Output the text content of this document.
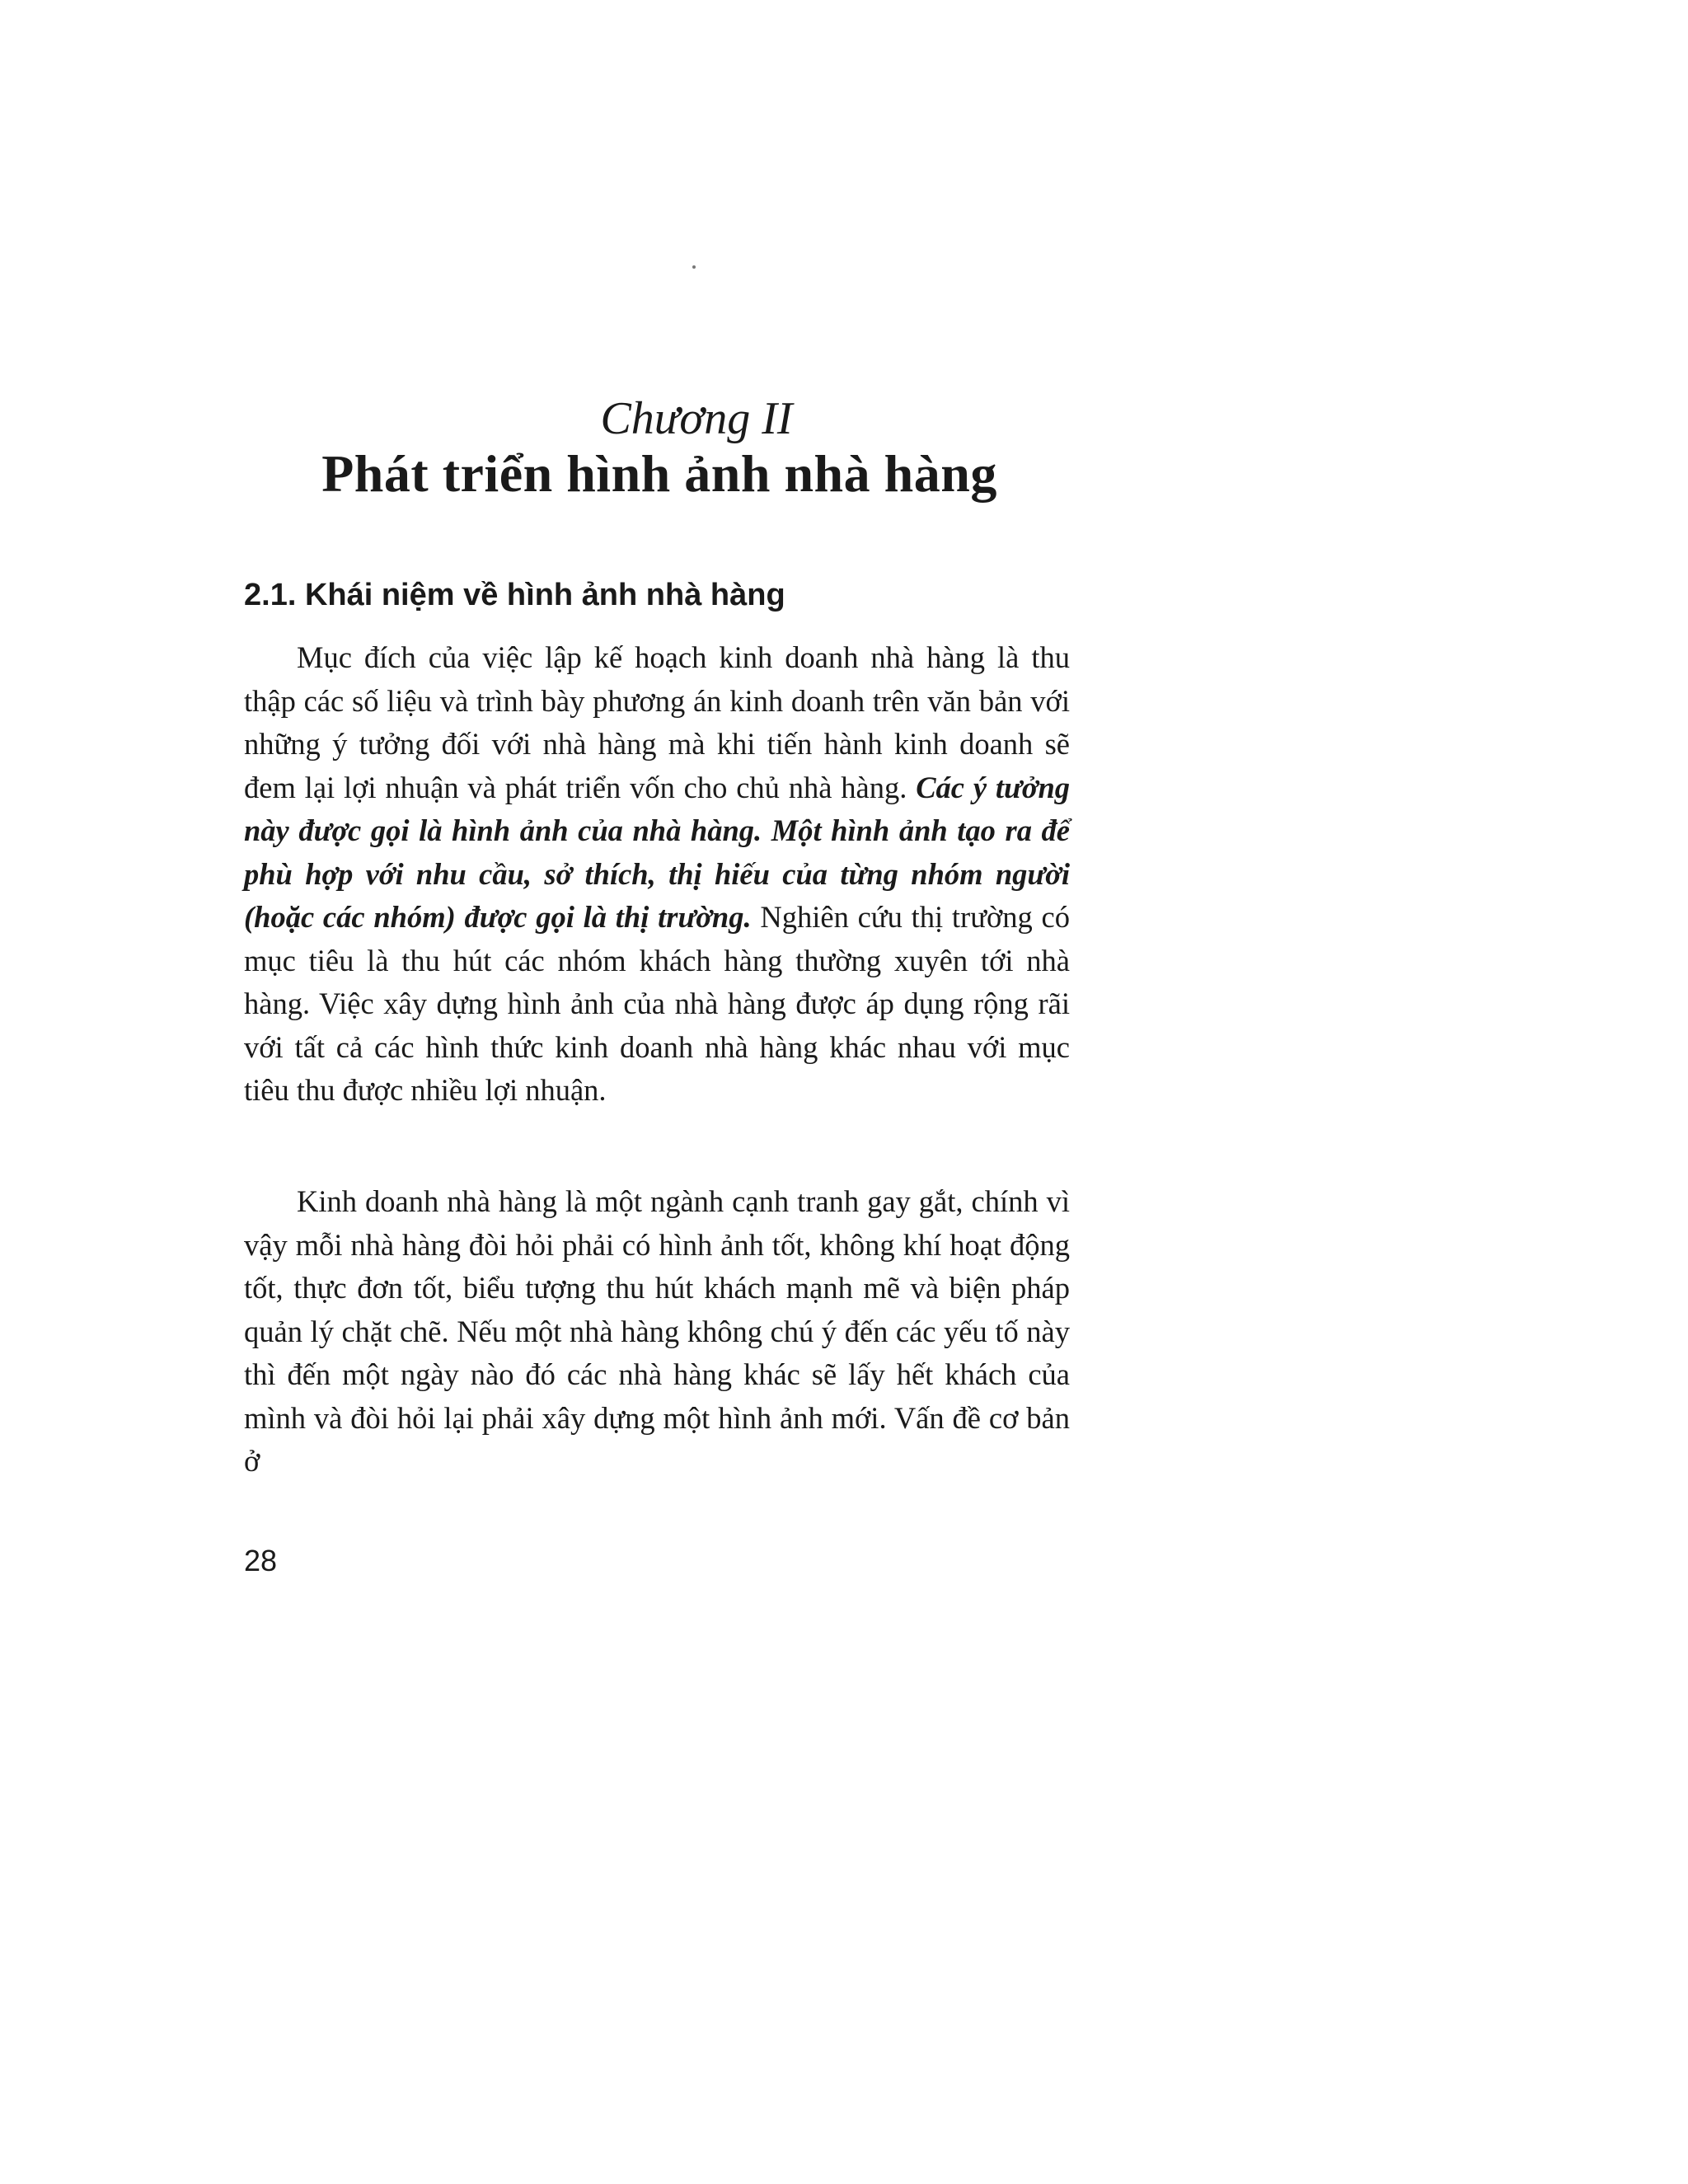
Chương II
Phát triển hình ảnh nhà hàng
2.1. Khái niệm về hình ảnh nhà hàng

Mục đích của việc lập kế hoạch kinh doanh nhà hàng là thu thập các số liệu và trình bày phương án kinh doanh trên văn bản với những ý tưởng đối với nhà hàng mà khi tiến hành kinh doanh sẽ đem lại lợi nhuận và phát triển vốn cho chủ nhà hàng. Các ý tưởng này được gọi là hình ảnh của nhà hàng. Một hình ảnh tạo ra để phù hợp với nhu cầu, sở thích, thị hiếu của từng nhóm người (hoặc các nhóm) được gọi là thị trường. Nghiên cứu thị trường có mục tiêu là thu hút các nhóm khách hàng thường xuyên tới nhà hàng. Việc xây dựng hình ảnh của nhà hàng được áp dụng rộng rãi với tất cả các hình thức kinh doanh nhà hàng khác nhau với mục tiêu thu được nhiều lợi nhuận.

Kinh doanh nhà hàng là một ngành cạnh tranh gay gắt, chính vì vậy mỗi nhà hàng đòi hỏi phải có hình ảnh tốt, không khí hoạt động tốt, thực đơn tốt, biểu tượng thu hút khách mạnh mẽ và biện pháp quản lý chặt chẽ. Nếu một nhà hàng không chú ý đến các yếu tố này thì đến một ngày nào đó các nhà hàng khác sẽ lấy hết khách của mình và đòi hỏi lại phải xây dựng một hình ảnh mới. Vấn đề cơ bản ở

28
